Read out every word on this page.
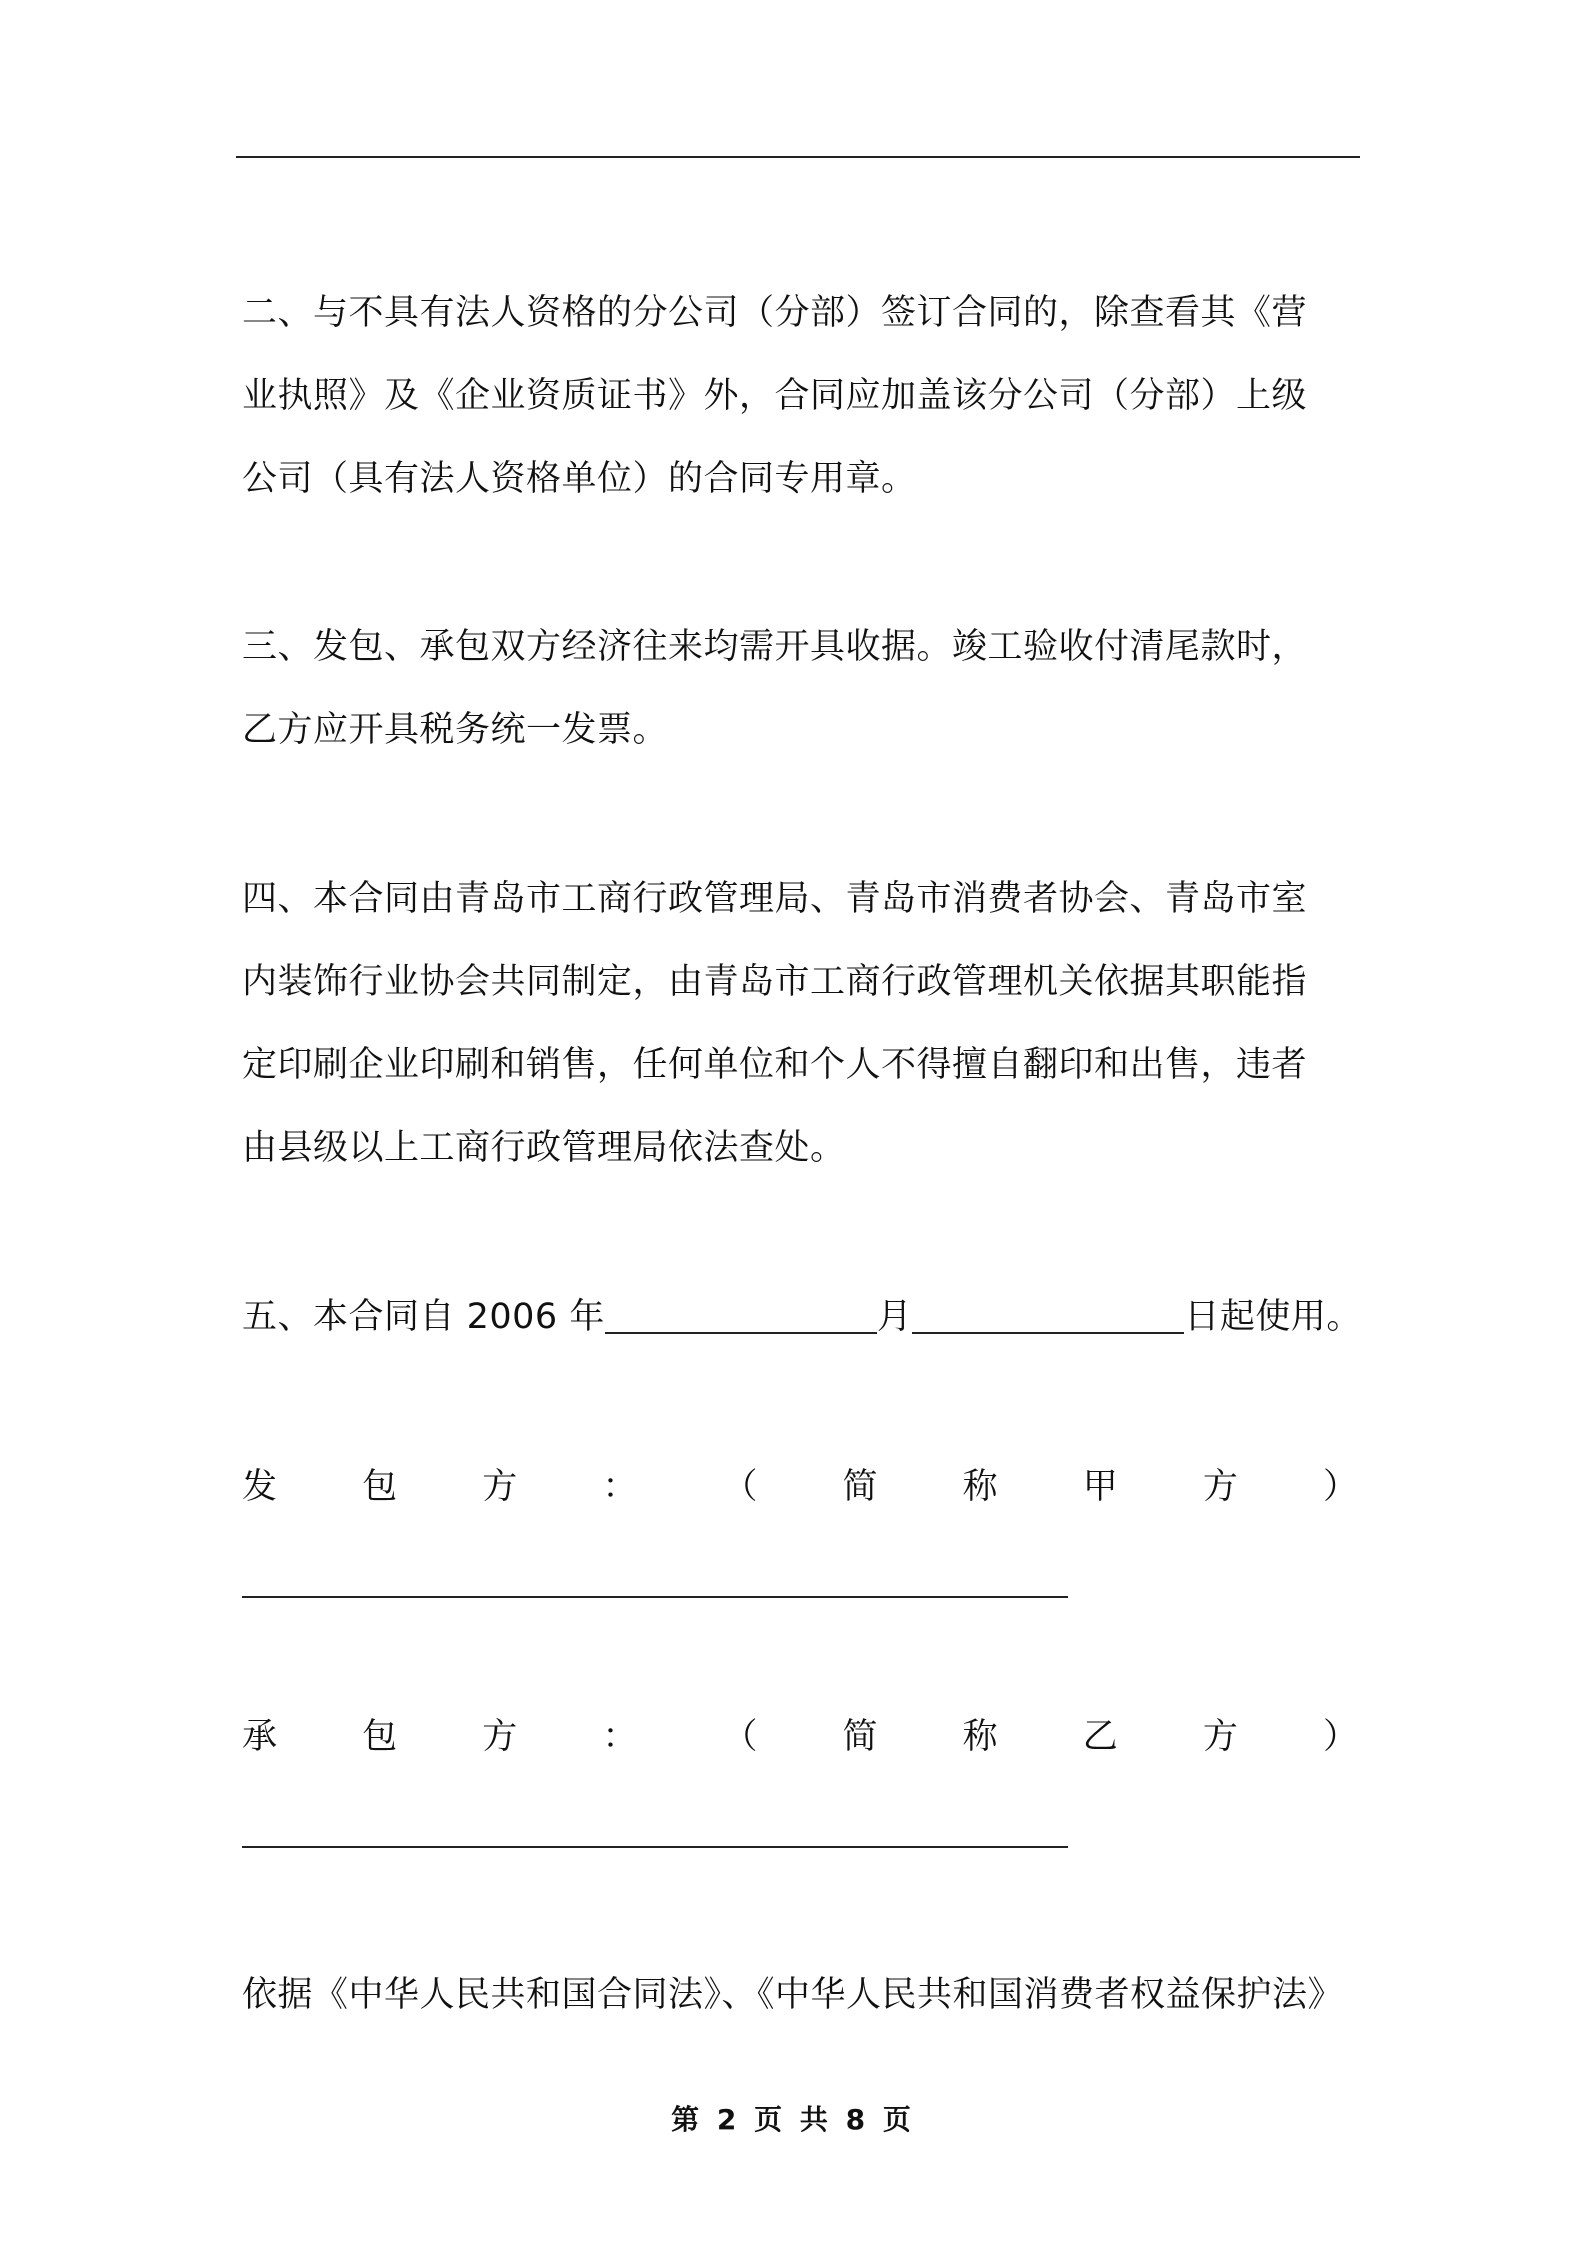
二、与不具有法人资格的分公司（分部）签订合同的，除查看其《营
业执照》及《企业资质证书》外，合同应加盖该分公司（分部）上级
公司（具有法人资格单位）的合同专用章。
三、发包、承包双方经济往来均需开具收据。竣工验收付清尾款时，
乙方应开具税务统一发票。
四、本合同由青岛市工商行政管理局、青岛市消费者协会、青岛市室
内装饰行业协会共同制定，由青岛市工商行政管理机关依据其职能指
定印刷企业印刷和销售，任何单位和个人不得擅自翻印和出售，违者
由县级以上工商行政管理局依法查处。
五、本合同自 2006 年	月	日起使用。
发 包 方 ： （ 简 称 甲 方 ）
承 包 方 ： （ 简 称 乙 方 ）
依据《中华人民共和国合同法》、《中华人民共和国消费者权益保护法》
第 2 页 共 8 页
